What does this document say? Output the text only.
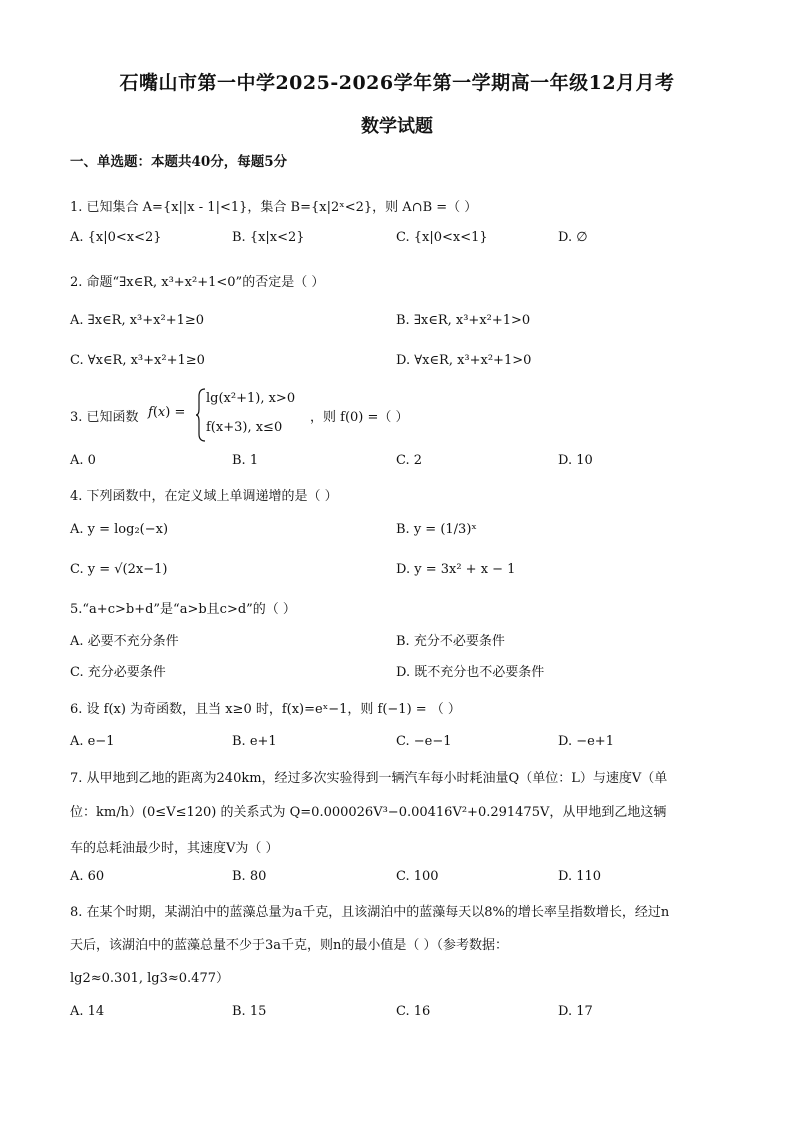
石嘴山市第一中学2025-2026学年第一学期高一年级12月月考
数学试题
一、单选题：本题共40分，每题5分
1. 已知集合 A={x||x - 1|<1}，集合 B={x|2ˣ<2}，则 A∩B =（ ）
A. {x|0<x<2}	B. {x|x<2}	C. {x|0<x<1}	D. ∅
2. 命题“∃x∈R, x³+x²+1<0”的否定是（ ）
A. ∃x∈R, x³+x²+1≥0	B. ∃x∈R, x³+x²+1>0
C. ∀x∈R, x³+x²+1≥0	D. ∀x∈R, x³+x²+1>0
3. 已知函数 f(x) =
lg(x²+1), x>0
f(x+3), x≤0
，则 f(0) =（ ）
A. 0	B. 1	C. 2	D. 10
4. 下列函数中，在定义域上单调递增的是（ ）
A. y = log₂(−x)	B. y = (1/3)ˣ
C. y = √(2x−1)	D. y = 3x² + x − 1
5.“a+c>b+d”是“a>b且c>d”的（ ）
A. 必要不充分条件	B. 充分不必要条件
C. 充分必要条件	D. 既不充分也不必要条件
6. 设 f(x) 为奇函数，且当 x≥0 时，f(x)=eˣ−1，则 f(−1) = （ ）
A. e−1	B. e+1	C. −e−1	D. −e+1
7. 从甲地到乙地的距离为240km，经过多次实验得到一辆汽车每小时耗油量Q（单位：L）与速度V（单
位：km/h）(0≤V≤120) 的关系式为 Q=0.000026V³−0.00416V²+0.291475V，从甲地到乙地这辆
车的总耗油最少时，其速度V为（ ）
A. 60	B. 80	C. 100	D. 110
8. 在某个时期，某湖泊中的蓝藻总量为a千克，且该湖泊中的蓝藻每天以8%的增长率呈指数增长，经过n
天后，该湖泊中的蓝藻总量不少于3a千克，则n的最小值是（ ）（参考数据：
lg2≈0.301, lg3≈0.477）
A. 14	B. 15	C. 16	D. 17
